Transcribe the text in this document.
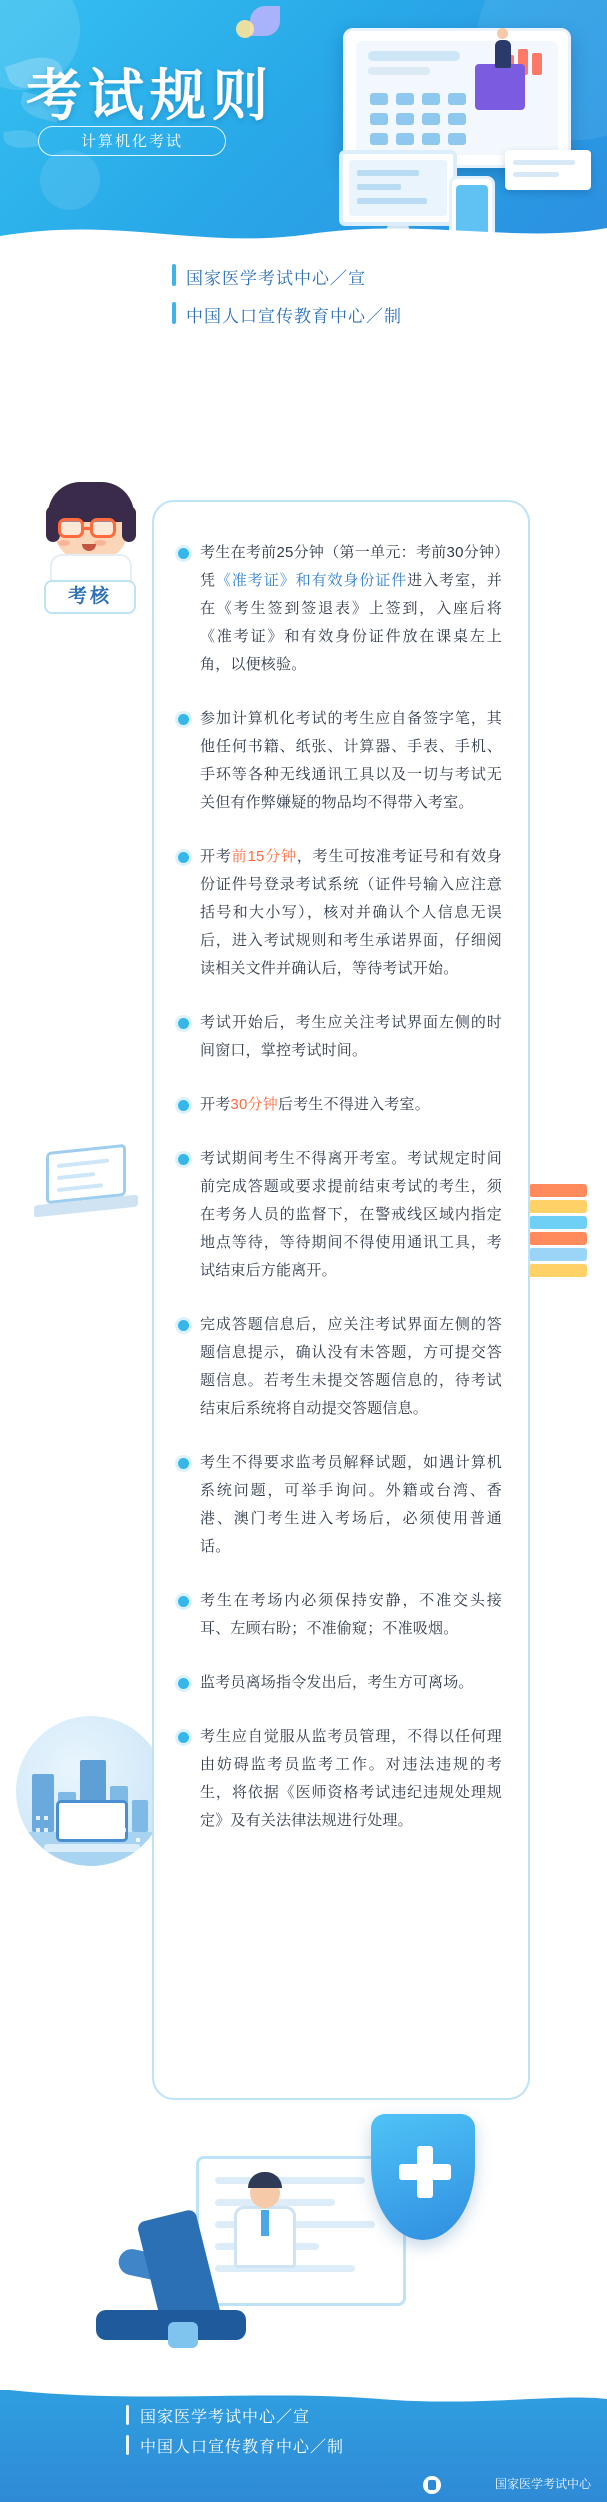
考试规则
计算机化考试
国家医学考试中心／宣
中国人口宣传教育中心／制
考核

考生在考前25分钟（第一单元：考前30分钟）凭《准考证》和有效身份证件进入考室，并在《考生签到签退表》上签到，入座后将《准考证》和有效身份证件放在课桌左上角，以便核验。

参加计算机化考试的考生应自备签字笔，其他任何书籍、纸张、计算器、手表、手机、手环等各种无线通讯工具以及一切与考试无关但有作弊嫌疑的物品均不得带入考室。

开考前15分钟，考生可按准考证号和有效身份证件号登录考试系统（证件号输入应注意括号和大小写），核对并确认个人信息无误后，进入考试规则和考生承诺界面，仔细阅读相关文件并确认后，等待考试开始。

考试开始后，考生应关注考试界面左侧的时间窗口，掌控考试时间。

开考30分钟后考生不得进入考室。

考试期间考生不得离开考室。考试规定时间前完成答题或要求提前结束考试的考生，须在考务人员的监督下，在警戒线区域内指定地点等待，等待期间不得使用通讯工具，考试结束后方能离开。

完成答题信息后，应关注考试界面左侧的答题信息提示，确认没有未答题，方可提交答题信息。若考生未提交答题信息的，待考试结束后系统将自动提交答题信息。

考生不得要求监考员解释试题，如遇计算机系统问题，可举手询问。外籍或台湾、香港、澳门考生进入考场后，必须使用普通话。

考生在考场内必须保持安静，不准交头接耳、左顾右盼；不准偷窥；不准吸烟。

监考员离场指令发出后，考生方可离场。

考生应自觉服从监考员管理，不得以任何理由妨碍监考员监考工作。对违法违规的考生，将依据《医师资格考试违纪违规处理规定》及有关法律法规进行处理。

国家医学考试中心／宣
中国人口宣传教育中心／制
国家医学考试中心
